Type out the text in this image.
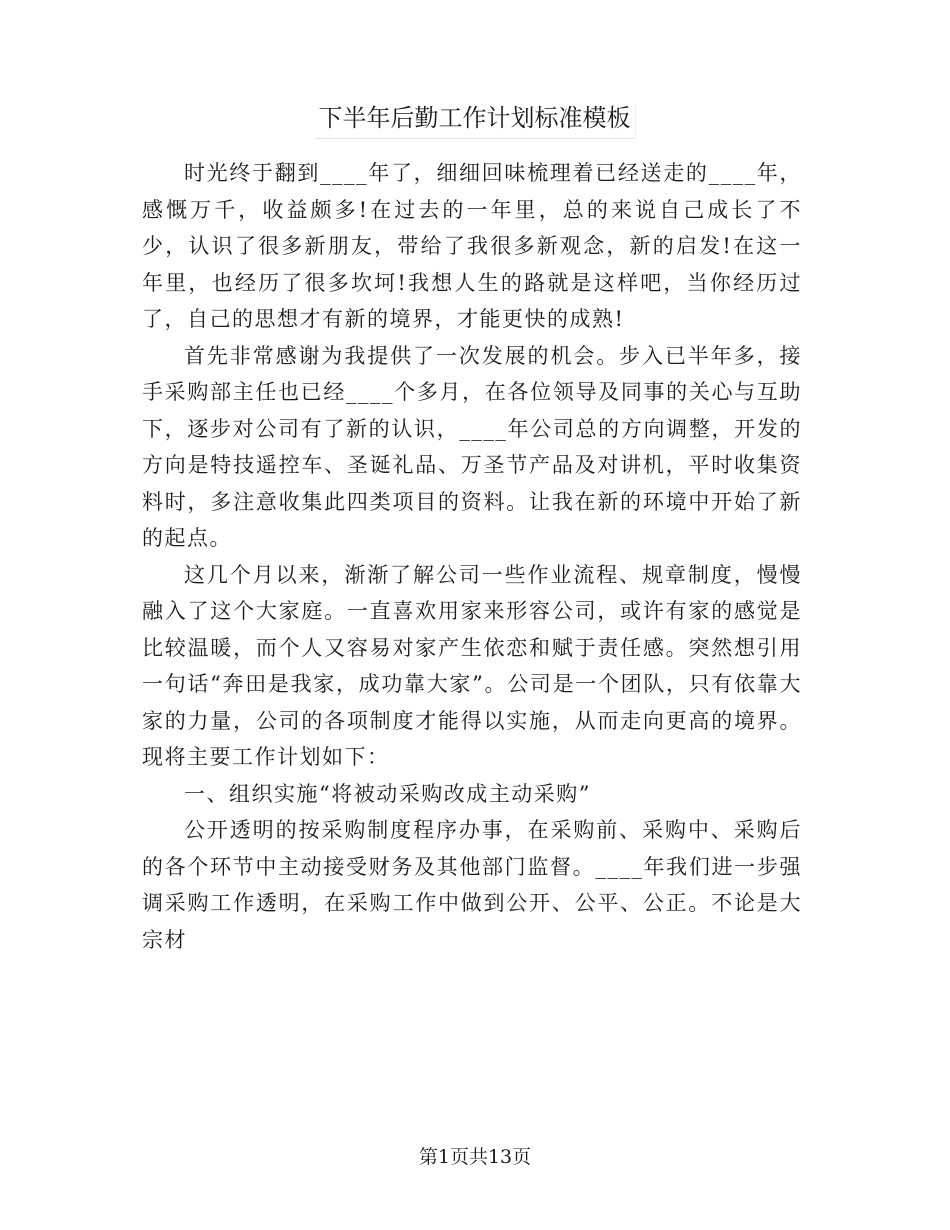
下半年后勤工作计划标准模板

时光终于翻到____年了，细细回味梳理着已经送走的____年，感慨万千，收益颇多!在过去的一年里，总的来说自己成长了不少，认识了很多新朋友，带给了我很多新观念，新的启发!在这一年里，也经历了很多坎坷!我想人生的路就是这样吧，当你经历过了，自己的思想才有新的境界，才能更快的成熟!

首先非常感谢为我提供了一次发展的机会。步入已半年多，接手采购部主任也已经____个多月，在各位领导及同事的关心与互助下，逐步对公司有了新的认识，____年公司总的方向调整，开发的方向是特技遥控车、圣诞礼品、万圣节产品及对讲机，平时收集资料时，多注意收集此四类项目的资料。让我在新的环境中开始了新的起点。

这几个月以来，渐渐了解公司一些作业流程、规章制度，慢慢融入了这个大家庭。一直喜欢用家来形容公司，或许有家的感觉是比较温暖，而个人又容易对家产生依恋和赋于责任感。突然想引用一句话“奔田是我家，成功靠大家”。公司是一个团队，只有依靠大家的力量，公司的各项制度才能得以实施，从而走向更高的境界。现将主要工作计划如下：

一、组织实施“将被动采购改成主动采购”

公开透明的按采购制度程序办事，在采购前、采购中、采购后的各个环节中主动接受财务及其他部门监督。____年我们进一步强调采购工作透明，在采购工作中做到公开、公平、公正。不论是大宗材

第1页共13页
